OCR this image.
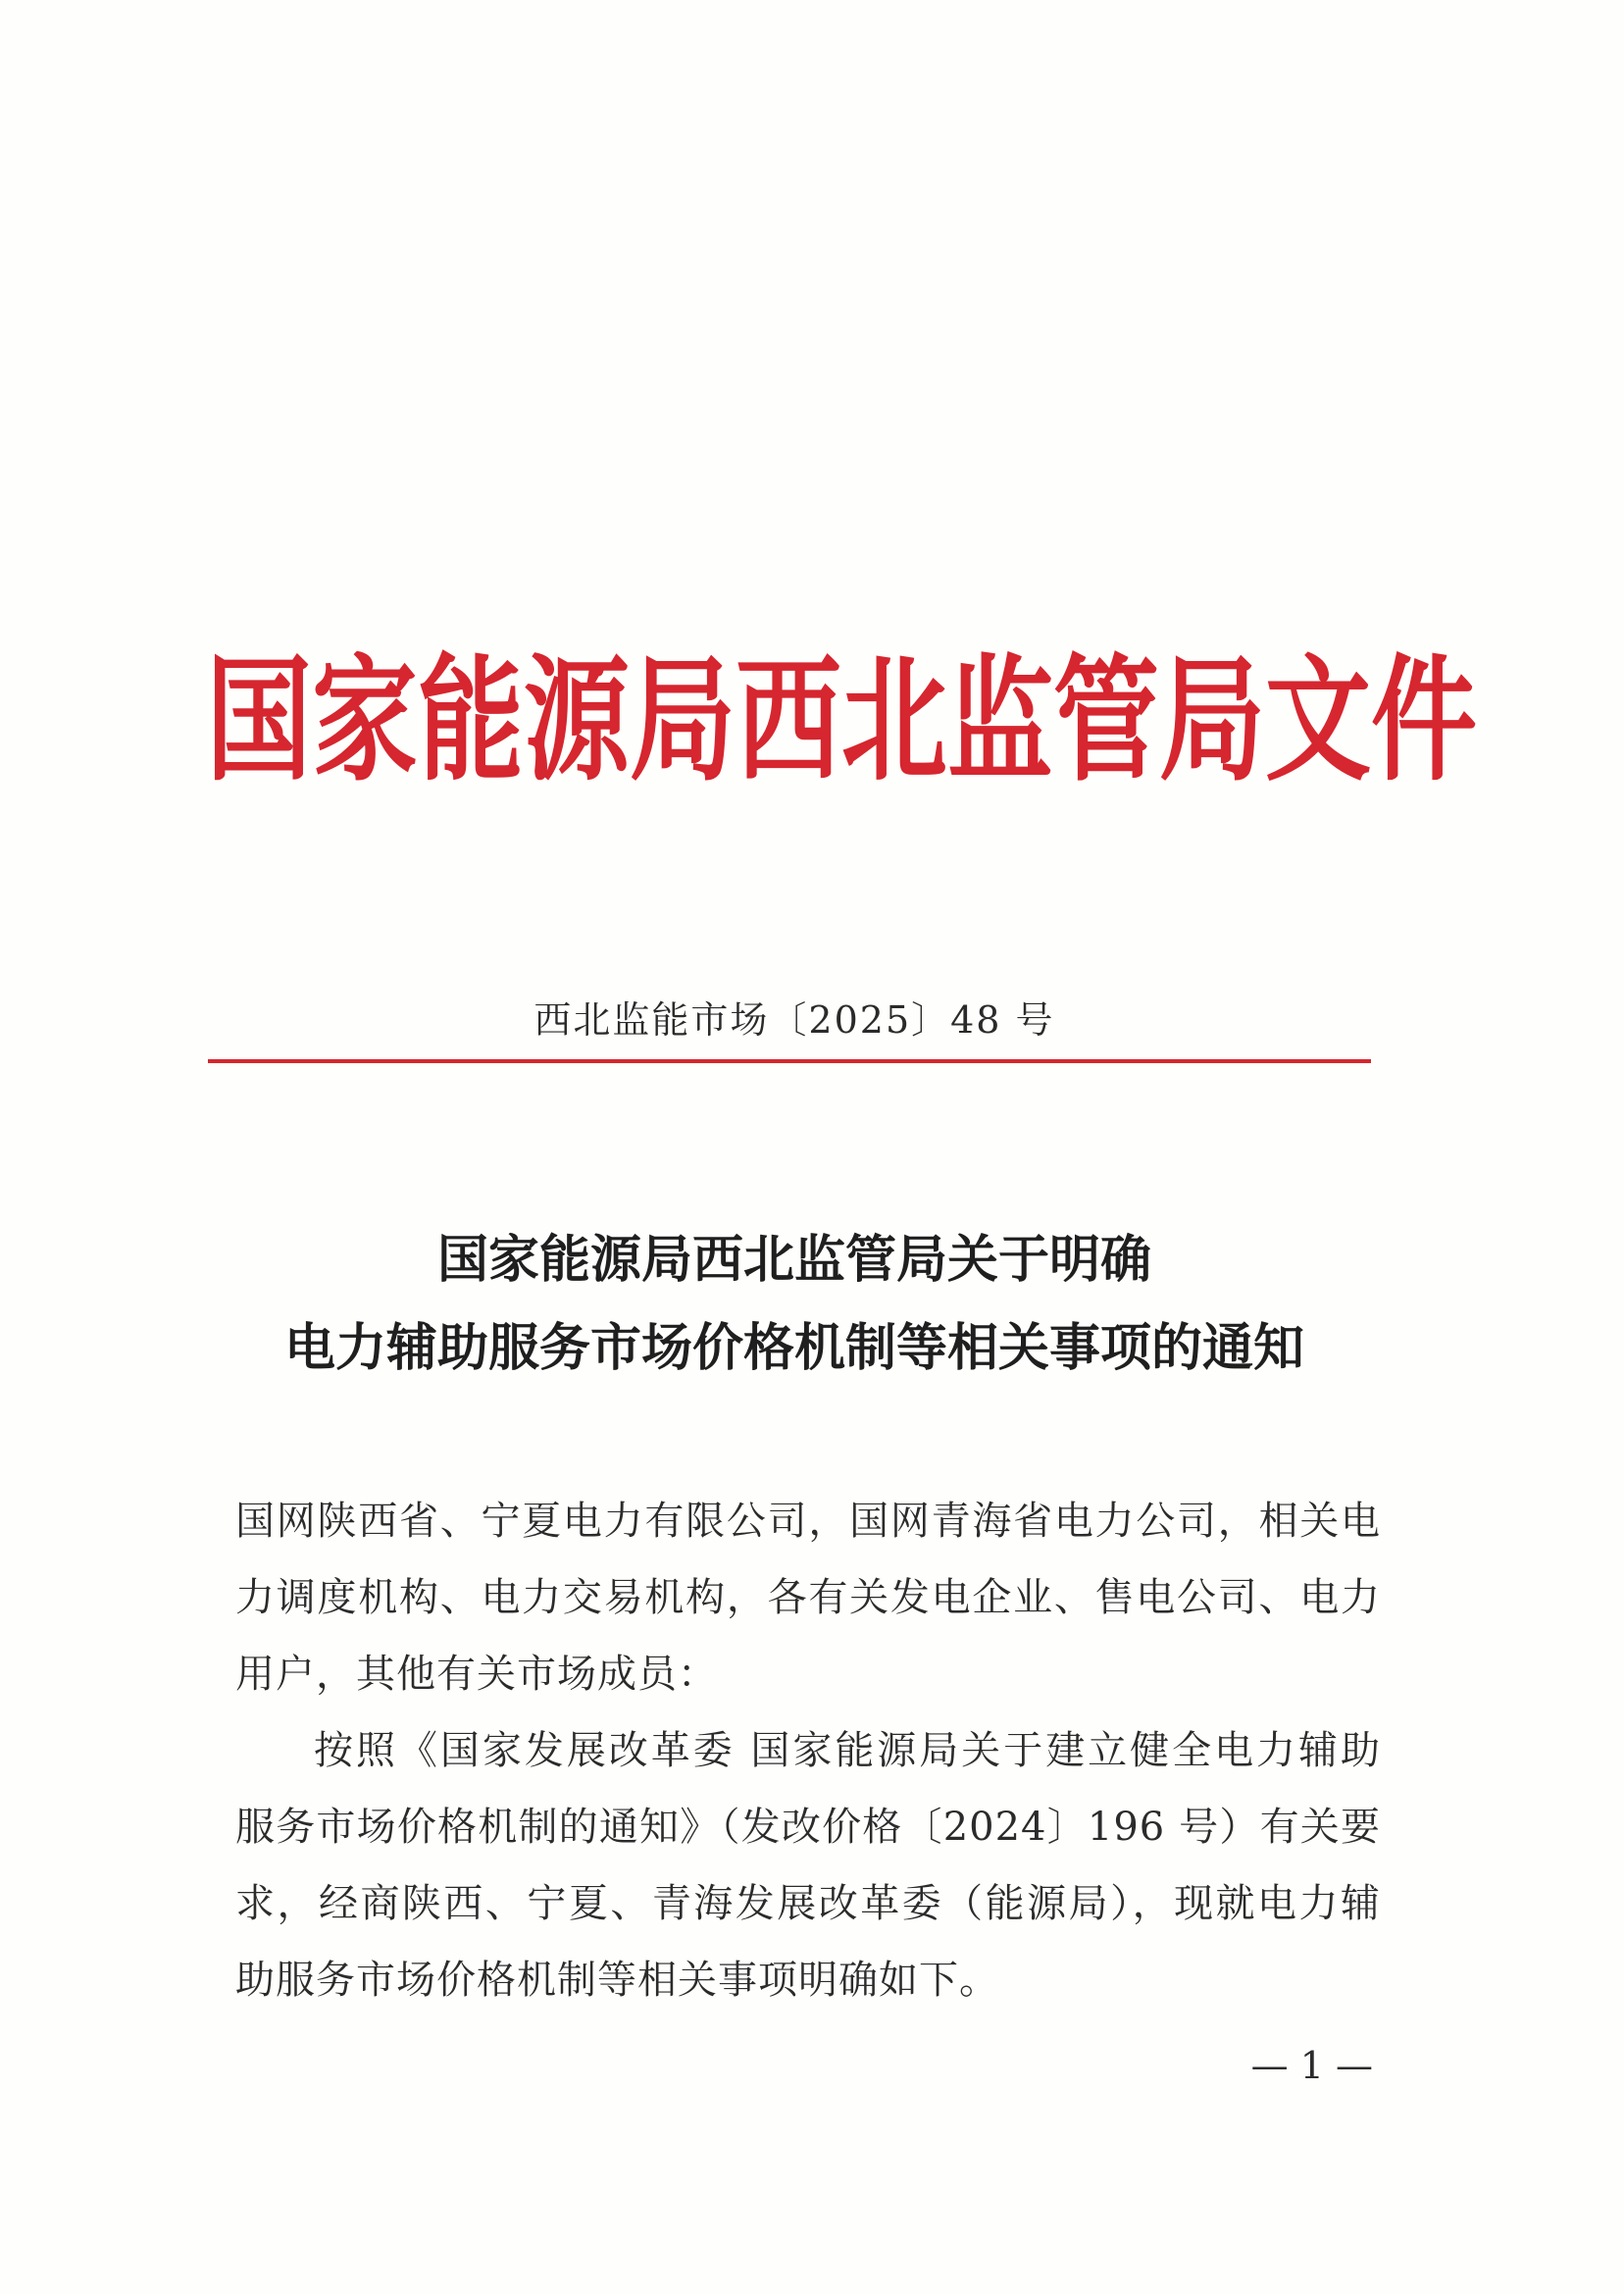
国家能源局西北监管局文件
西北监能市场〔2025〕48 号
国家能源局西北监管局关于明确
电力辅助服务市场价格机制等相关事项的通知

国网陕西省、宁夏电力有限公司，国网青海省电力公司，相关电力调度机构、电力交易机构，各有关发电企业、售电公司、电力用户，其他有关市场成员：

按照《国家发展改革委 国家能源局关于建立健全电力辅助 服务市场价格机制的通知》（发改价格〔2024〕196 号）有关要求，经商陕西、宁夏、青海发展改革委（能源局），现就电力辅助服务市场价格机制等相关事项明确如下。

— 1 —
